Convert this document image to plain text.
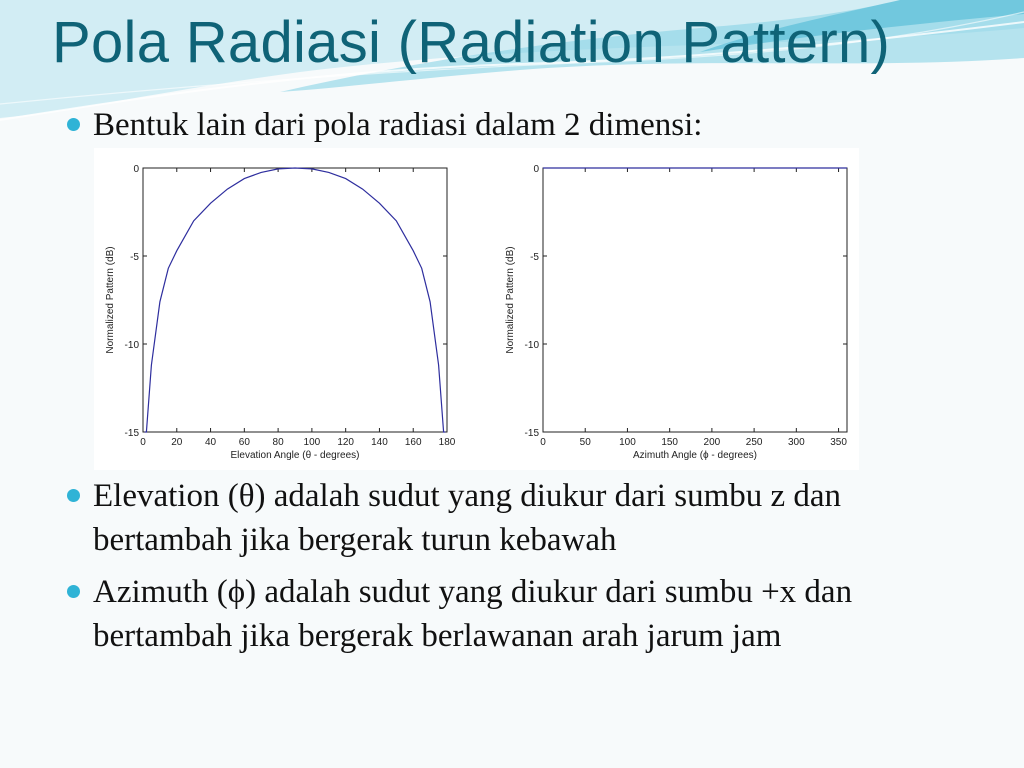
Pola Radiasi (Radiation Pattern)
Bentuk lain dari pola radiasi dalam 2 dimensi:
0	20 40 60 80 100 120 140 160 180
0
-5
-10
-15
Elevation Angle (θ - degrees)
Normalized Pattern (dB)
0	50	100	150	200	250	300	350
0
-5
-10
-15
Azimuth Angle (ϕ - degrees)
Normalized Pattern (dB)
Elevation (θ) adalah sudut yang diukur dari sumbu z dan bertambah jika bergerak turun kebawah
Azimuth (ϕ) adalah sudut yang diukur dari sumbu +x dan bertambah jika bergerak berlawanan arah jarum jam
